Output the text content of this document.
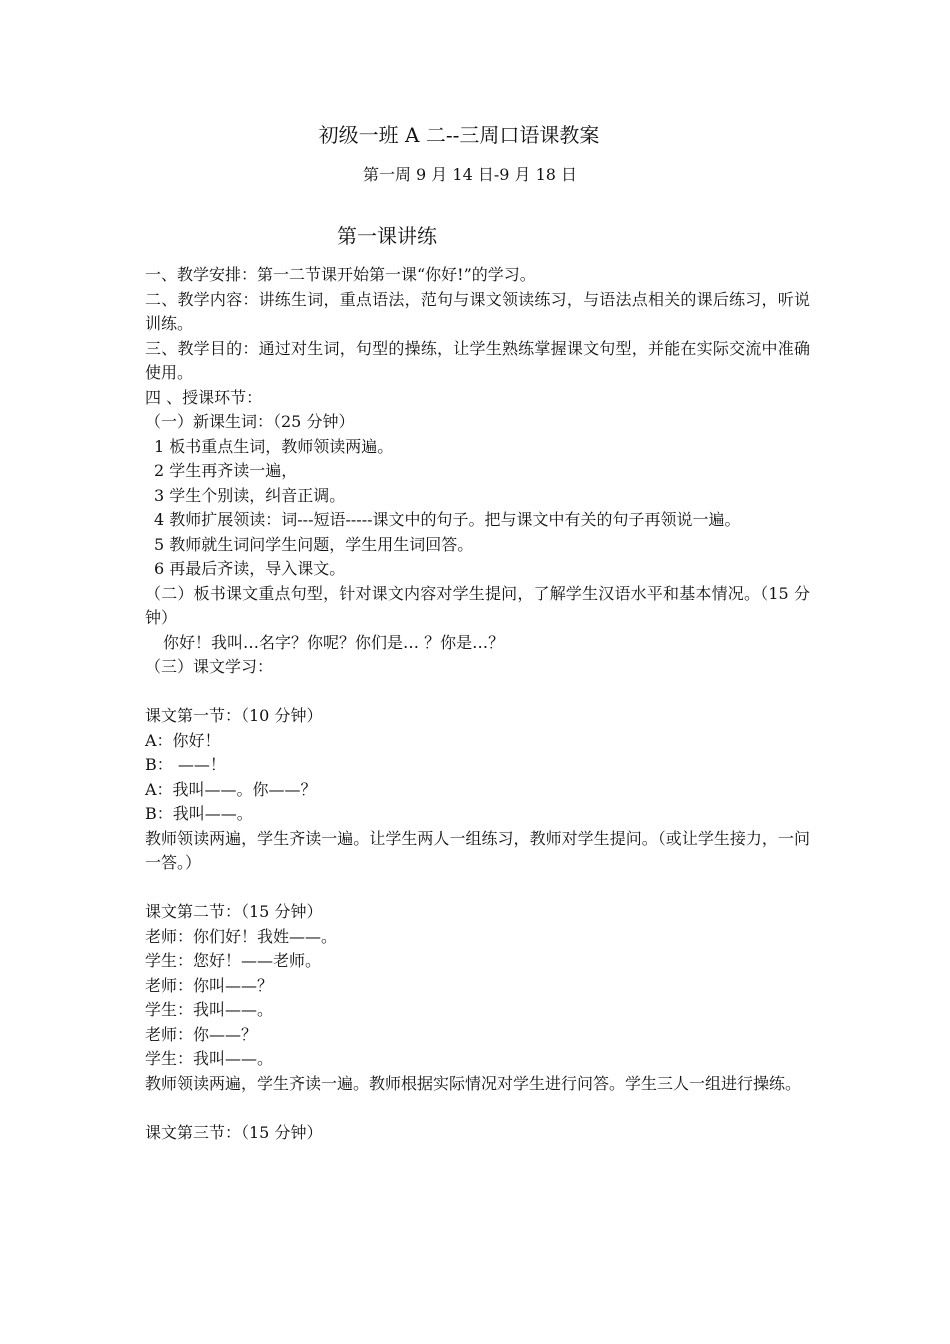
初级一班 A 二--三周口语课教案
第一周 9 月 14 日-9 月 18 日
第一课讲练
一、教学安排：第一二节课开始第一课“你好!”的学习。
二、教学内容：讲练生词，重点语法，范句与课文领读练习，与语法点相关的课后练习，听说训练。
三、教学目的：通过对生词，句型的操练，让学生熟练掌握课文句型，并能在实际交流中准确使用。
四 、授课环节：
（一）新课生词：（25 分钟）
1 板书重点生词，教师领读两遍。
2 学生再齐读一遍，
3 学生个别读，纠音正调。
4 教师扩展领读：词---短语-----课文中的句子。把与课文中有关的句子再领说一遍。
5 教师就生词问学生问题，学生用生词回答。
6 再最后齐读，导入课文。
（二）板书课文重点句型，针对课文内容对学生提问，了解学生汉语水平和基本情况。（15 分钟）
你好！我叫…名字？你呢？你们是… ？你是…？
（三）课文学习：
课文第一节：（10 分钟）
A：你好！
B： ——！
A：我叫——。你——？
B：我叫——。
教师领读两遍，学生齐读一遍。让学生两人一组练习，教师对学生提问。（或让学生接力，一问一答。）
课文第二节：（15 分钟）
老师：你们好！我姓——。
学生：您好！——老师。
老师：你叫——？
学生：我叫——。
老师：你——？
学生：我叫——。
教师领读两遍，学生齐读一遍。教师根据实际情况对学生进行问答。学生三人一组进行操练。
课文第三节：（15 分钟）
